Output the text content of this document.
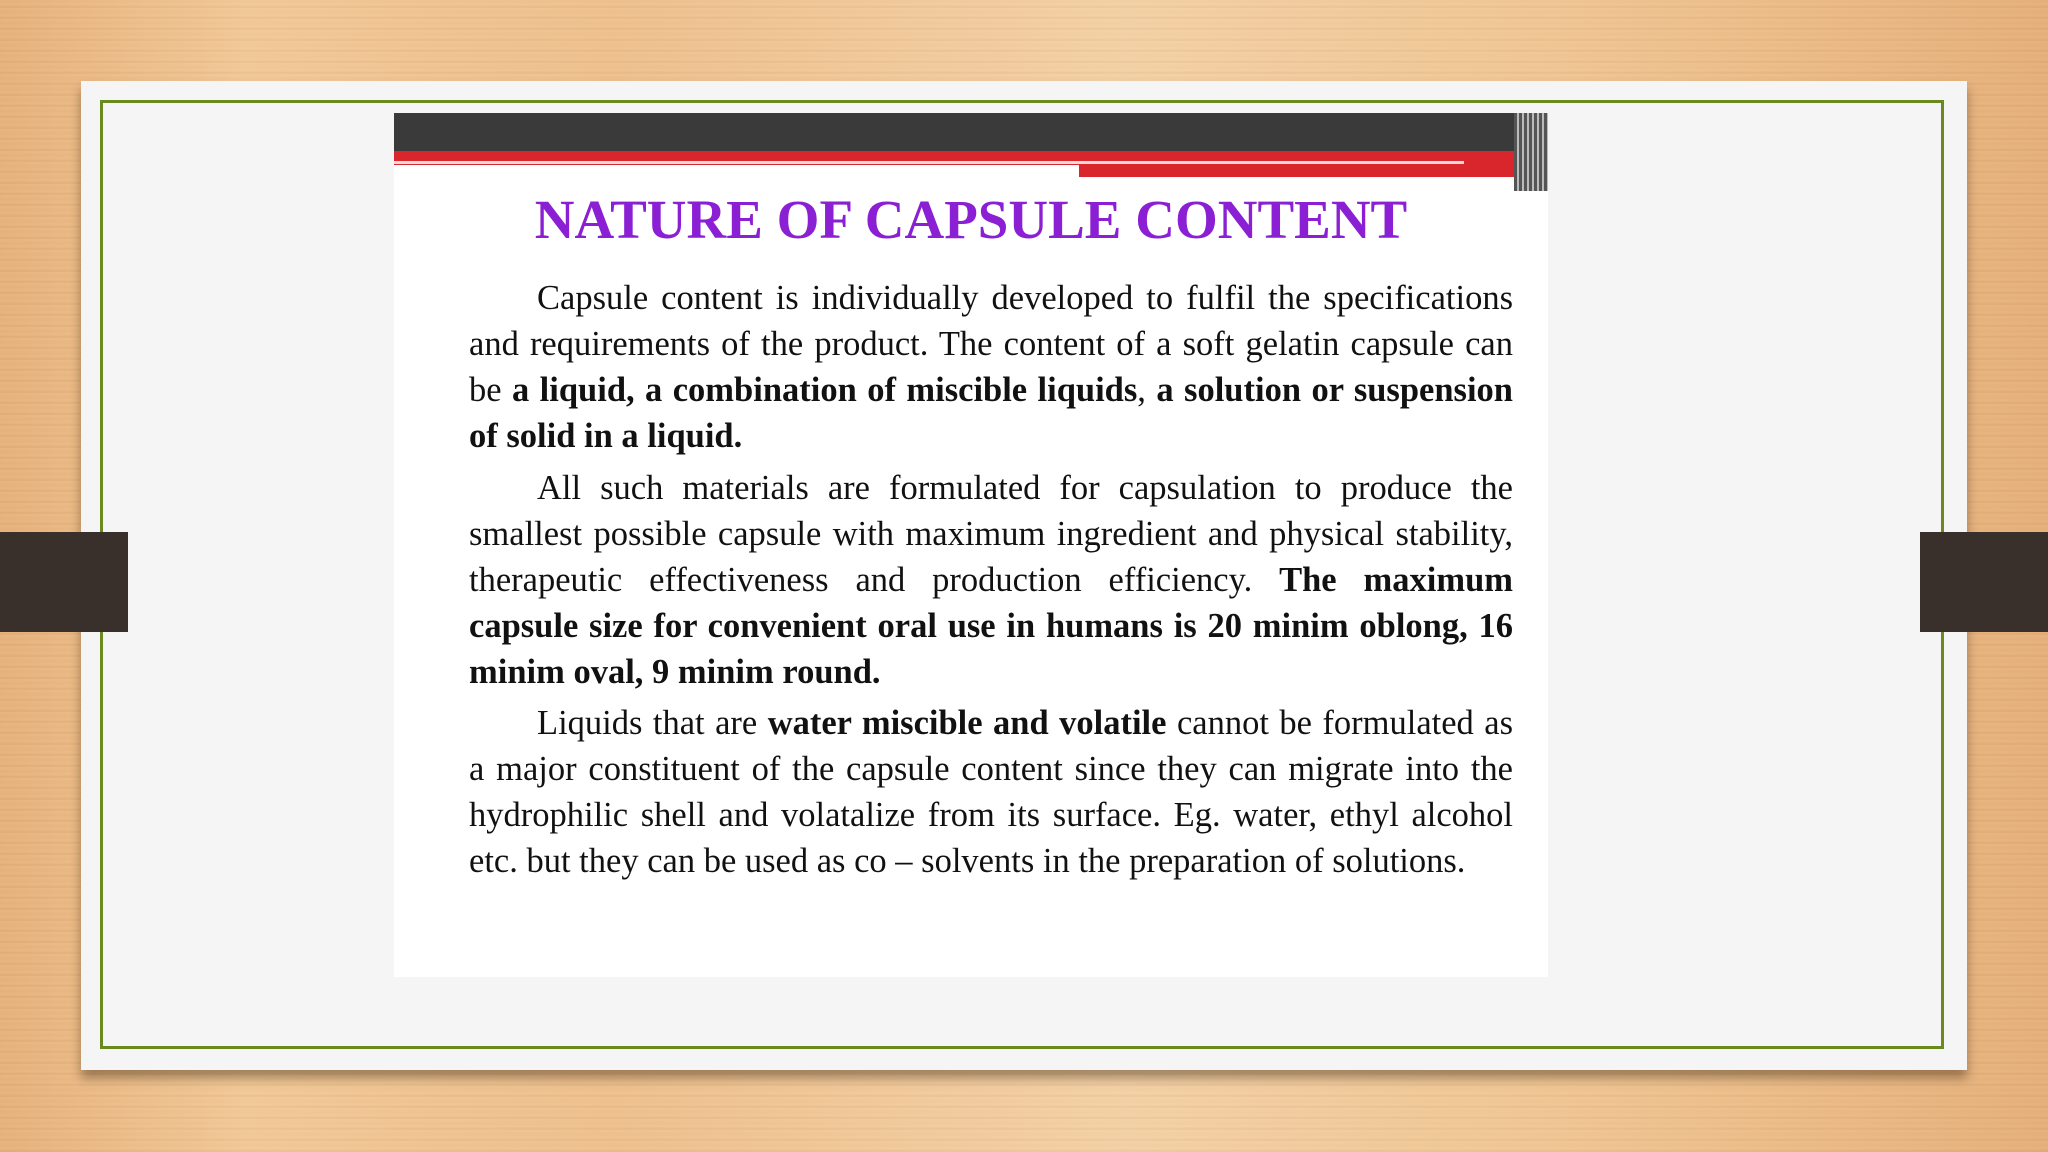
NATURE OF CAPSULE CONTENT

Capsule content is individually developed to fulfil the specifications and requirements of the product. The content of a soft gelatin capsule can be a liquid, a combination of miscible liquids, a solution or suspension of solid in a liquid.

All such materials are formulated for capsulation to produce the smallest possible capsule with maximum ingredient and physical stability, therapeutic effectiveness and production efficiency. The maximum capsule size for convenient oral use in humans is 20 minim oblong, 16 minim oval, 9 minim round.

Liquids that are water miscible and volatile cannot be formulated as a major constituent of the capsule content since they can migrate into the hydrophilic shell and volatalize from its surface. Eg. water, ethyl alcohol etc. but they can be used as co – solvents in the preparation of solutions.
